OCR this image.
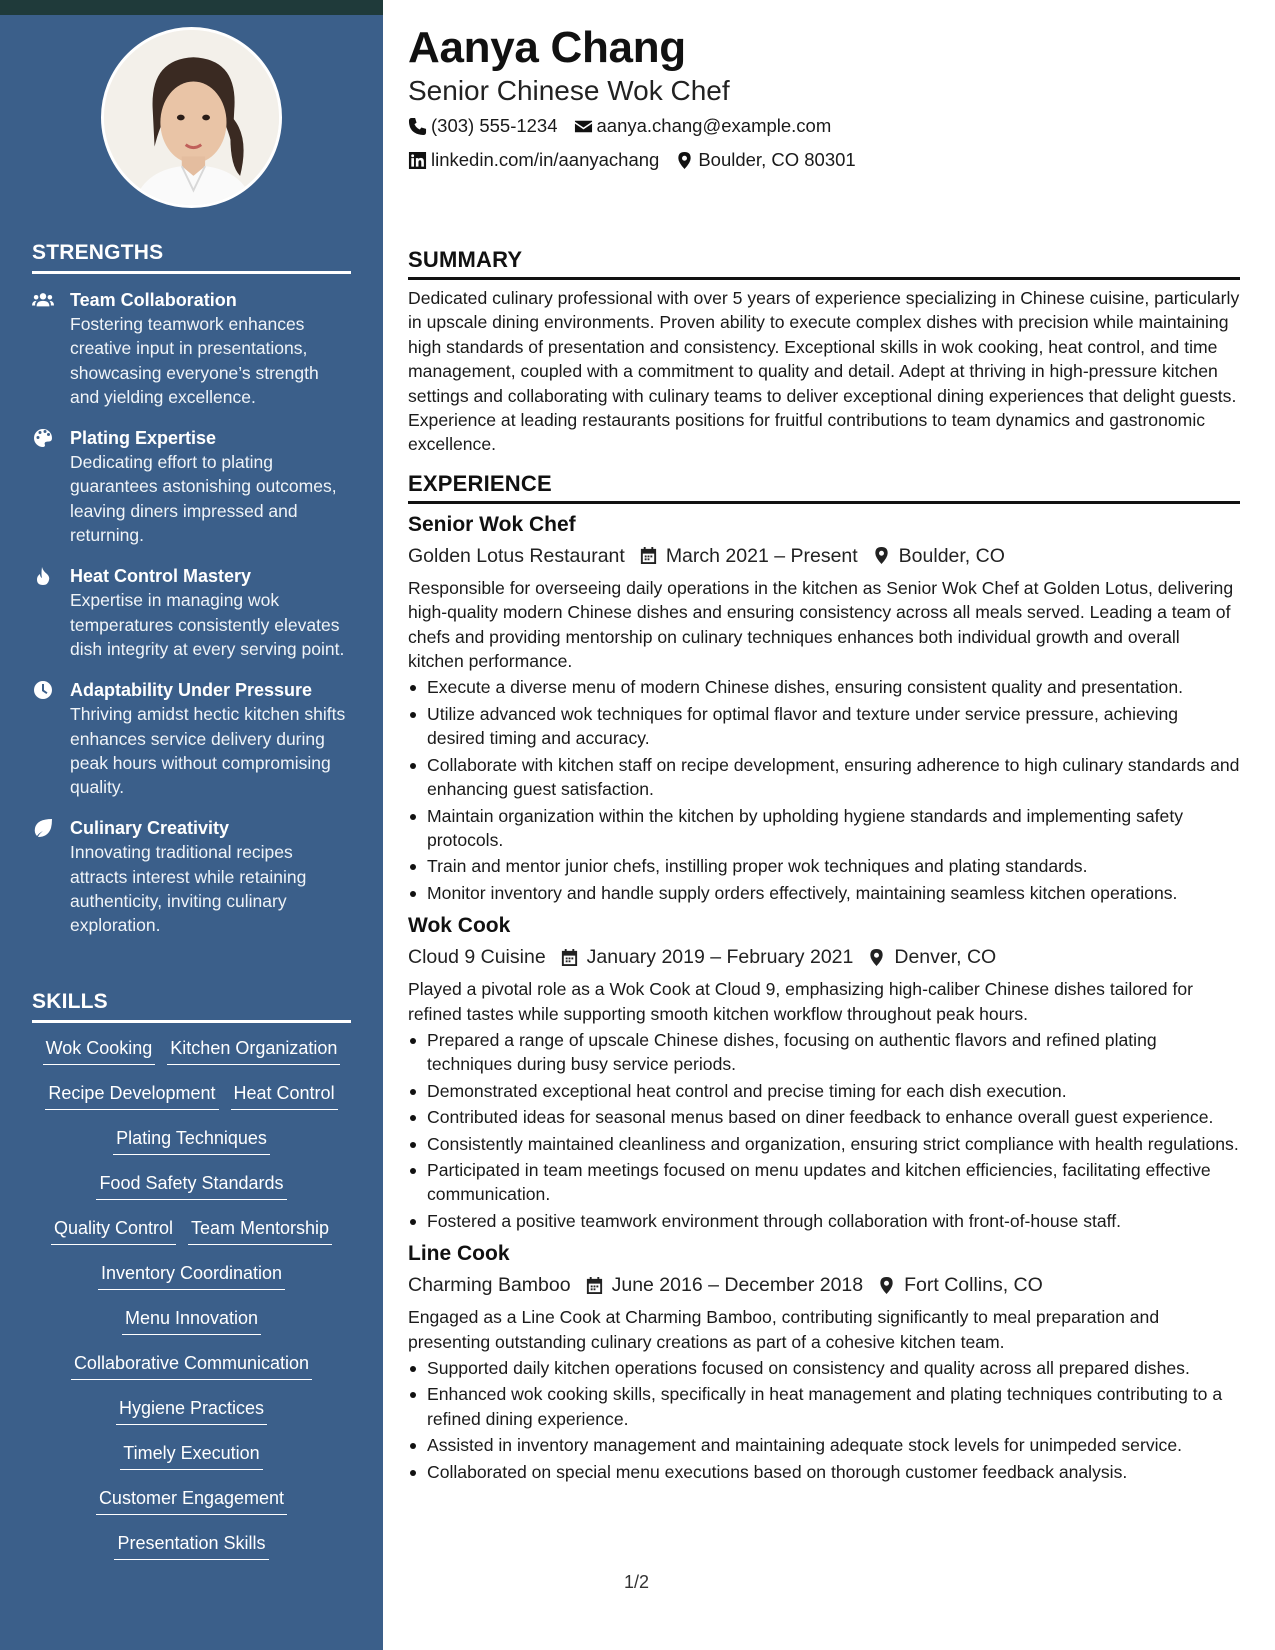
STRENGTHS
Team Collaboration
Fostering teamwork enhances creative input in presentations, showcasing everyone’s strength and yielding excellence.
Plating Expertise
Dedicating effort to plating guarantees astonishing outcomes, leaving diners impressed and returning.
Heat Control Mastery
Expertise in managing wok temperatures consistently elevates dish integrity at every serving point.
Adaptability Under Pressure
Thriving amidst hectic kitchen shifts enhances service delivery during peak hours without compromising quality.
Culinary Creativity
Innovating traditional recipes attracts interest while retaining authenticity, inviting culinary exploration.
SKILLS
Wok Cooking Kitchen Organization
Recipe Development Heat Control
Plating Techniques
Food Safety Standards
Quality Control Team Mentorship
Inventory Coordination
Menu Innovation
Collaborative Communication
Hygiene Practices
Timely Execution
Customer Engagement
Presentation Skills
Aanya Chang
Senior Chinese Wok Chef
(303) 555-1234 aanya.chang@example.com
linkedin.com/in/aanyachang Boulder, CO 80301
SUMMARY
Dedicated culinary professional with over 5 years of experience specializing in Chinese cuisine, particularly in upscale dining environments. Proven ability to execute complex dishes with precision while maintaining high standards of presentation and consistency. Exceptional skills in wok cooking, heat control, and time management, coupled with a commitment to quality and detail. Adept at thriving in high-pressure kitchen settings and collaborating with culinary teams to deliver exceptional dining experiences that delight guests. Experience at leading restaurants positions for fruitful contributions to team dynamics and gastronomic excellence.
EXPERIENCE
Senior Wok Chef
Golden Lotus Restaurant March 2021 – Present Boulder, CO
Responsible for overseeing daily operations in the kitchen as Senior Wok Chef at Golden Lotus, delivering high-quality modern Chinese dishes and ensuring consistency across all meals served. Leading a team of chefs and providing mentorship on culinary techniques enhances both individual growth and overall kitchen performance.
Execute a diverse menu of modern Chinese dishes, ensuring consistent quality and presentation.
Utilize advanced wok techniques for optimal flavor and texture under service pressure, achieving desired timing and accuracy.
Collaborate with kitchen staff on recipe development, ensuring adherence to high culinary standards and enhancing guest satisfaction.
Maintain organization within the kitchen by upholding hygiene standards and implementing safety protocols.
Train and mentor junior chefs, instilling proper wok techniques and plating standards.
Monitor inventory and handle supply orders effectively, maintaining seamless kitchen operations.
Wok Cook
Cloud 9 Cuisine January 2019 – February 2021 Denver, CO
Played a pivotal role as a Wok Cook at Cloud 9, emphasizing high-caliber Chinese dishes tailored for refined tastes while supporting smooth kitchen workflow throughout peak hours.
Prepared a range of upscale Chinese dishes, focusing on authentic flavors and refined plating techniques during busy service periods.
Demonstrated exceptional heat control and precise timing for each dish execution.
Contributed ideas for seasonal menus based on diner feedback to enhance overall guest experience.
Consistently maintained cleanliness and organization, ensuring strict compliance with health regulations.
Participated in team meetings focused on menu updates and kitchen efficiencies, facilitating effective communication.
Fostered a positive teamwork environment through collaboration with front-of-house staff.
Line Cook
Charming Bamboo June 2016 – December 2018 Fort Collins, CO
Engaged as a Line Cook at Charming Bamboo, contributing significantly to meal preparation and presenting outstanding culinary creations as part of a cohesive kitchen team.
Supported daily kitchen operations focused on consistency and quality across all prepared dishes.
Enhanced wok cooking skills, specifically in heat management and plating techniques contributing to a refined dining experience.
Assisted in inventory management and maintaining adequate stock levels for unimpeded service.
Collaborated on special menu executions based on thorough customer feedback analysis.
1/2
